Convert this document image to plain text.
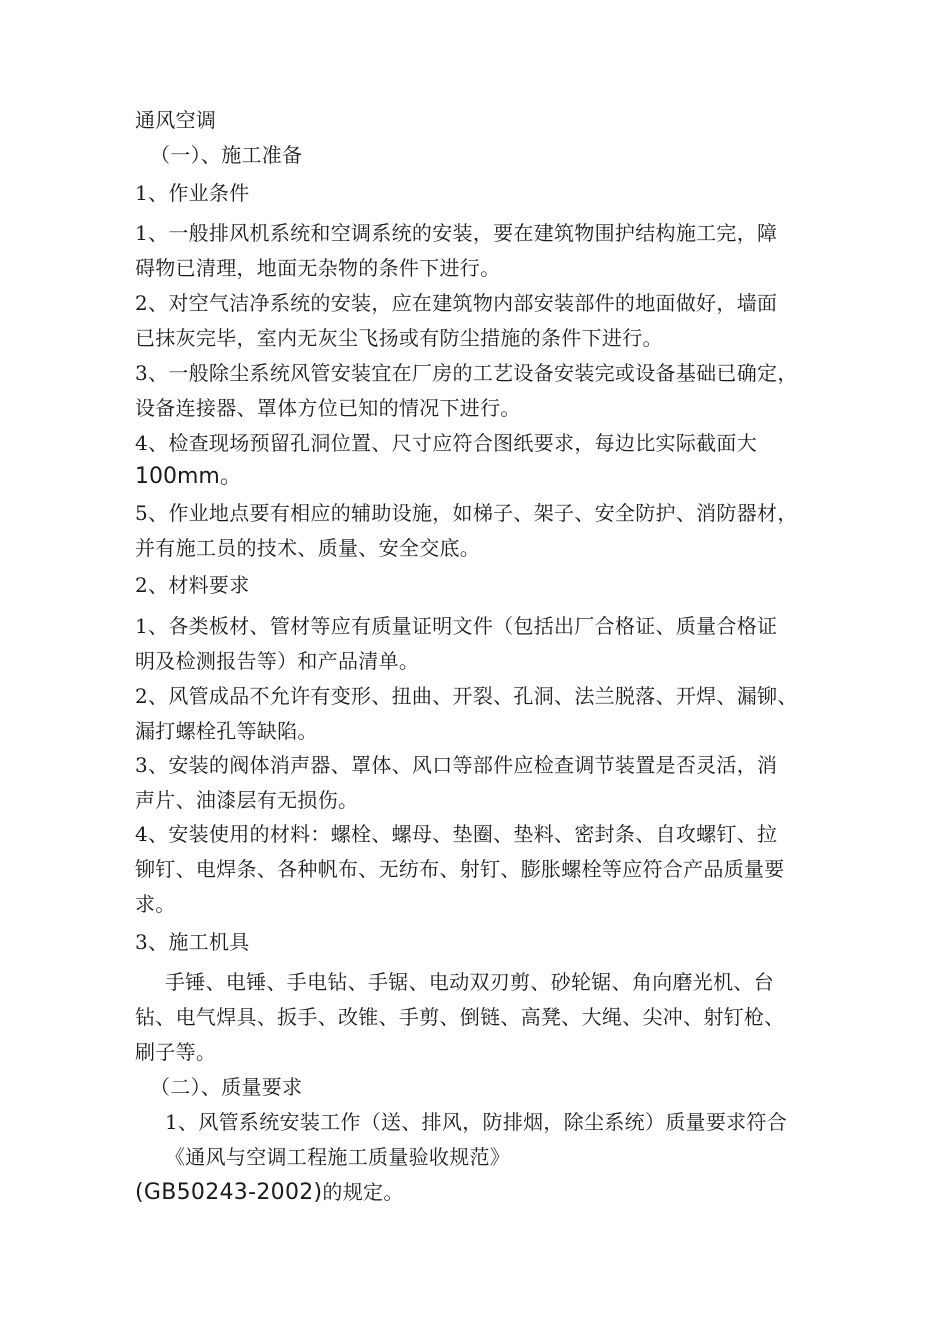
通风空调
（一）、施工准备
1、作业条件
1、一般排风机系统和空调系统的安装，要在建筑物围护结构施工完，障
碍物已清理，地面无杂物的条件下进行。
2、对空气洁净系统的安装，应在建筑物内部安装部件的地面做好，墙面
已抹灰完毕，室内无灰尘飞扬或有防尘措施的条件下进行。
3、一般除尘系统风管安装宜在厂房的工艺设备安装完或设备基础已确定，
设备连接器、罩体方位已知的情况下进行。
4、检查现场预留孔洞位置、尺寸应符合图纸要求，每边比实际截面大
100mm。
5、作业地点要有相应的辅助设施，如梯子、架子、安全防护、消防器材，
并有施工员的技术、质量、安全交底。
2、材料要求
1、各类板材、管材等应有质量证明文件（包括出厂合格证、质量合格证
明及检测报告等）和产品清单。
2、风管成品不允许有变形、扭曲、开裂、孔洞、法兰脱落、开焊、漏铆、
漏打螺栓孔等缺陷。
3、安装的阀体消声器、罩体、风口等部件应检查调节装置是否灵活，消
声片、油漆层有无损伤。
4、安装使用的材料：螺栓、螺母、垫圈、垫料、密封条、自攻螺钉、拉
铆钉、电焊条、各种帆布、无纺布、射钉、膨胀螺栓等应符合产品质量要
求。
3、施工机具
手锤、电锤、手电钻、手锯、电动双刃剪、砂轮锯、角向磨光机、台
钻、电气焊具、扳手、改锥、手剪、倒链、高凳、大绳、尖冲、射钉枪、
刷子等。
（二）、质量要求
1、风管系统安装工作（送、排风，防排烟，除尘系统）质量要求符合
《通风与空调工程施工质量验收规范》
(GB50243-2002)的规定。
